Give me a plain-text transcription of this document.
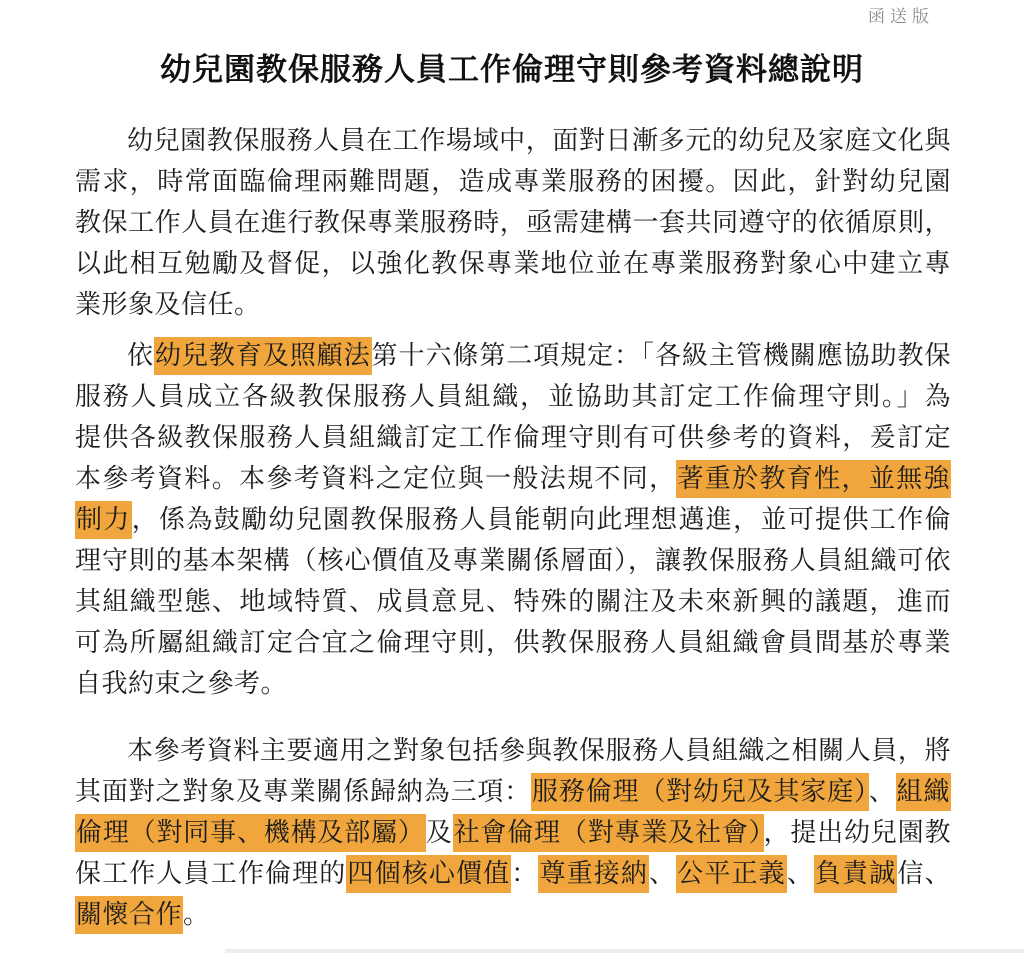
函送版
幼兒園教保服務人員工作倫理守則參考資料總說明
幼兒園教保服務人員在工作場域中，面對日漸多元的幼兒及家庭文化與
需求，時常面臨倫理兩難問題，造成專業服務的困擾。因此，針對幼兒園
教保工作人員在進行教保專業服務時，亟需建構一套共同遵守的依循原則，
以此相互勉勵及督促，以強化教保專業地位並在專業服務對象心中建立專
業形象及信任。
依幼兒教育及照顧法第十六條第二項規定：「各級主管機關應協助教保
服務人員成立各級教保服務人員組織，並協助其訂定工作倫理守則。」為
提供各級教保服務人員組織訂定工作倫理守則有可供參考的資料，爰訂定
本參考資料。本參考資料之定位與一般法規不同，著重於教育性，並無強
制力，係為鼓勵幼兒園教保服務人員能朝向此理想邁進，並可提供工作倫
理守則的基本架構（核心價值及專業關係層面），讓教保服務人員組織可依
其組織型態、地域特質、成員意見、特殊的關注及未來新興的議題，進而
可為所屬組織訂定合宜之倫理守則，供教保服務人員組織會員間基於專業
自我約束之參考。
本參考資料主要適用之對象包括參與教保服務人員組織之相關人員，將
其面對之對象及專業關係歸納為三項：服務倫理（對幼兒及其家庭）、組織
倫理（對同事、機構及部屬）及社會倫理（對專業及社會），提出幼兒園教
保工作人員工作倫理的四個核心價值：尊重接納、公平正義、負責誠信、
關懷合作。
